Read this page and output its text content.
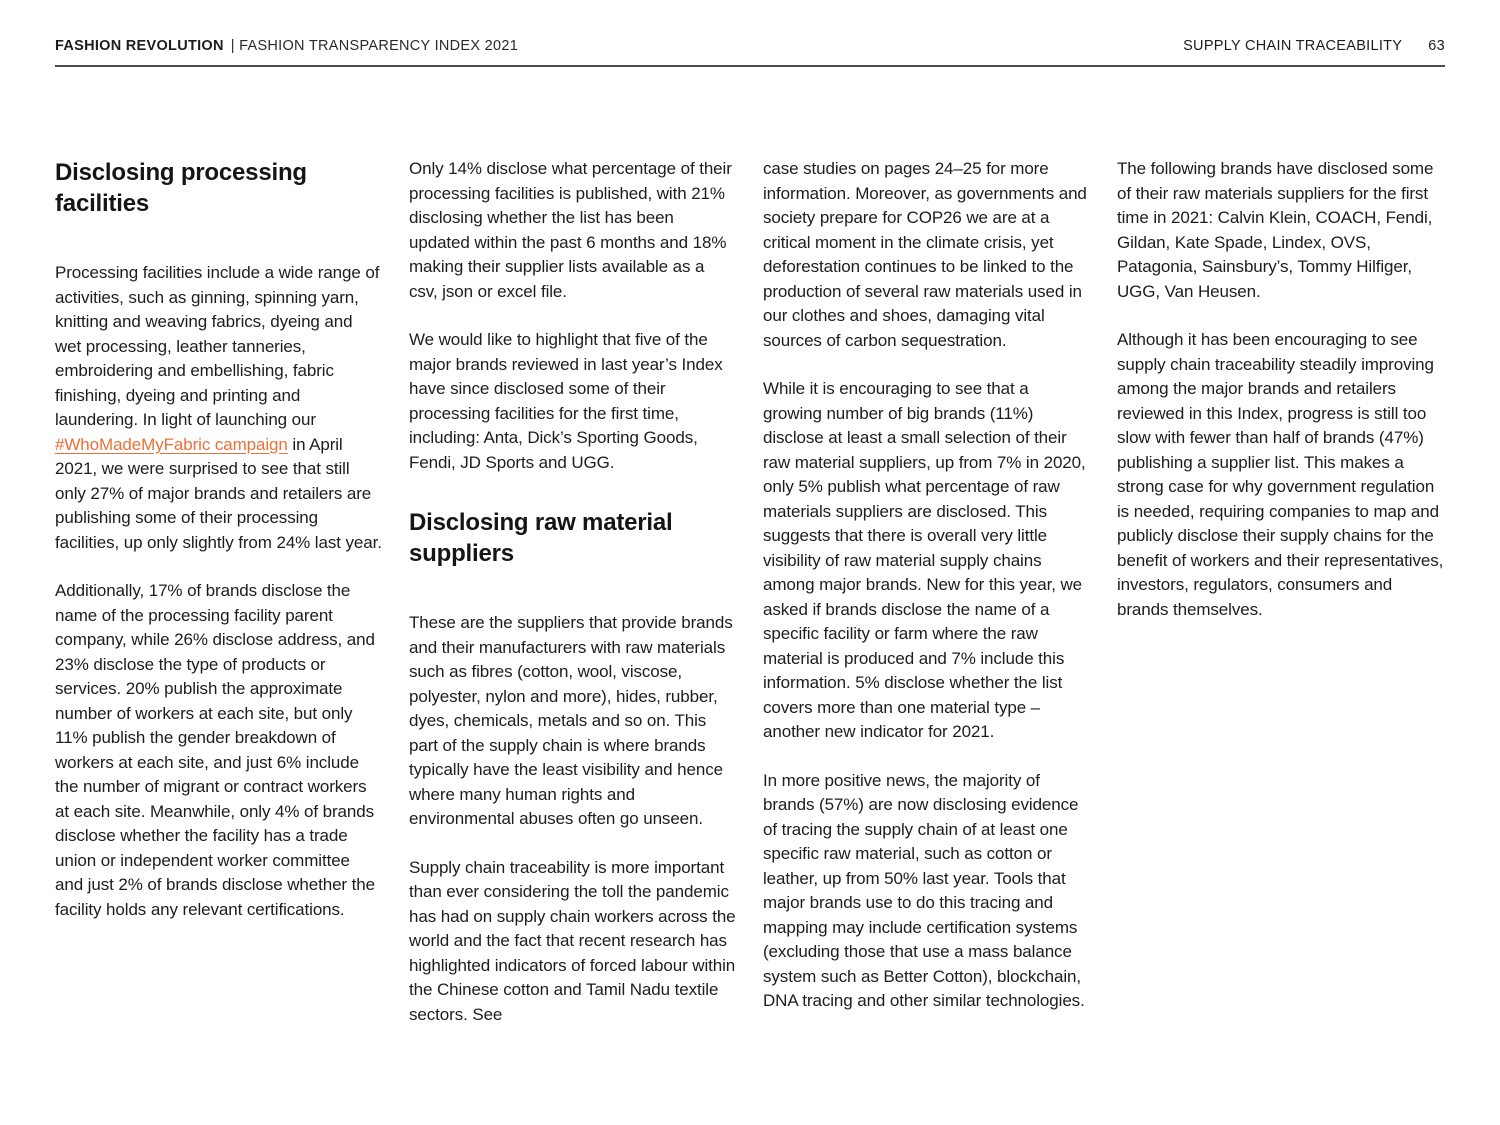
FASHION REVOLUTION | FASHION TRANSPARENCY INDEX 2021	SUPPLY CHAIN TRACEABILITY 63
Disclosing processing facilities

Processing facilities include a wide range of activities, such as ginning, spinning yarn, knitting and weaving fabrics, dyeing and wet processing, leather tanneries, embroidering and embellishing, fabric finishing, dyeing and printing and laundering. In light of launching our #WhoMadeMyFabric campaign in April 2021, we were surprised to see that still only 27% of major brands and retailers are publishing some of their processing facilities, up only slightly from 24% last year.

Additionally, 17% of brands disclose the name of the processing facility parent company, while 26% disclose address, and 23% disclose the type of products or services. 20% publish the approximate number of workers at each site, but only 11% publish the gender breakdown of workers at each site, and just 6% include the number of migrant or contract workers at each site. Meanwhile, only 4% of brands disclose whether the facility has a trade union or independent worker committee and just 2% of brands disclose whether the facility holds any relevant certifications.

Only 14% disclose what percentage of their processing facilities is published, with 21% disclosing whether the list has been updated within the past 6 months and 18% making their supplier lists available as a csv, json or excel file.

We would like to highlight that five of the major brands reviewed in last year’s Index have since disclosed some of their processing facilities for the first time, including: Anta, Dick’s Sporting Goods, Fendi, JD Sports and UGG.

Disclosing raw material suppliers

These are the suppliers that provide brands and their manufacturers with raw materials such as fibres (cotton, wool, viscose, polyester, nylon and more), hides, rubber, dyes, chemicals, metals and so on. This part of the supply chain is where brands typically have the least visibility and hence where many human rights and environmental abuses often go unseen.

Supply chain traceability is more important than ever considering the toll the pandemic has had on supply chain workers across the world and the fact that recent research has highlighted indicators of forced labour within the Chinese cotton and Tamil Nadu textile sectors. See

case studies on pages 24–25 for more information. Moreover, as governments and society prepare for COP26 we are at a critical moment in the climate crisis, yet deforestation continues to be linked to the production of several raw materials used in our clothes and shoes, damaging vital sources of carbon sequestration.

While it is encouraging to see that a growing number of big brands (11%) disclose at least a small selection of their raw material suppliers, up from 7% in 2020, only 5% publish what percentage of raw materials suppliers are disclosed. This suggests that there is overall very little visibility of raw material supply chains among major brands. New for this year, we asked if brands disclose the name of a specific facility or farm where the raw material is produced and 7% include this information. 5% disclose whether the list covers more than one material type – another new indicator for 2021.

In more positive news, the majority of brands (57%) are now disclosing evidence of tracing the supply chain of at least one specific raw material, such as cotton or leather, up from 50% last year. Tools that major brands use to do this tracing and mapping may include certification systems (excluding those that use a mass balance system such as Better Cotton), blockchain, DNA tracing and other similar technologies.

The following brands have disclosed some of their raw materials suppliers for the first time in 2021: Calvin Klein, COACH, Fendi, Gildan, Kate Spade, Lindex, OVS, Patagonia, Sainsbury’s, Tommy Hilfiger, UGG, Van Heusen.

Although it has been encouraging to see supply chain traceability steadily improving among the major brands and retailers reviewed in this Index, progress is still too slow with fewer than half of brands (47%) publishing a supplier list. This makes a strong case for why government regulation is needed, requiring companies to map and publicly disclose their supply chains for the benefit of workers and their representatives, investors, regulators, consumers and brands themselves.
